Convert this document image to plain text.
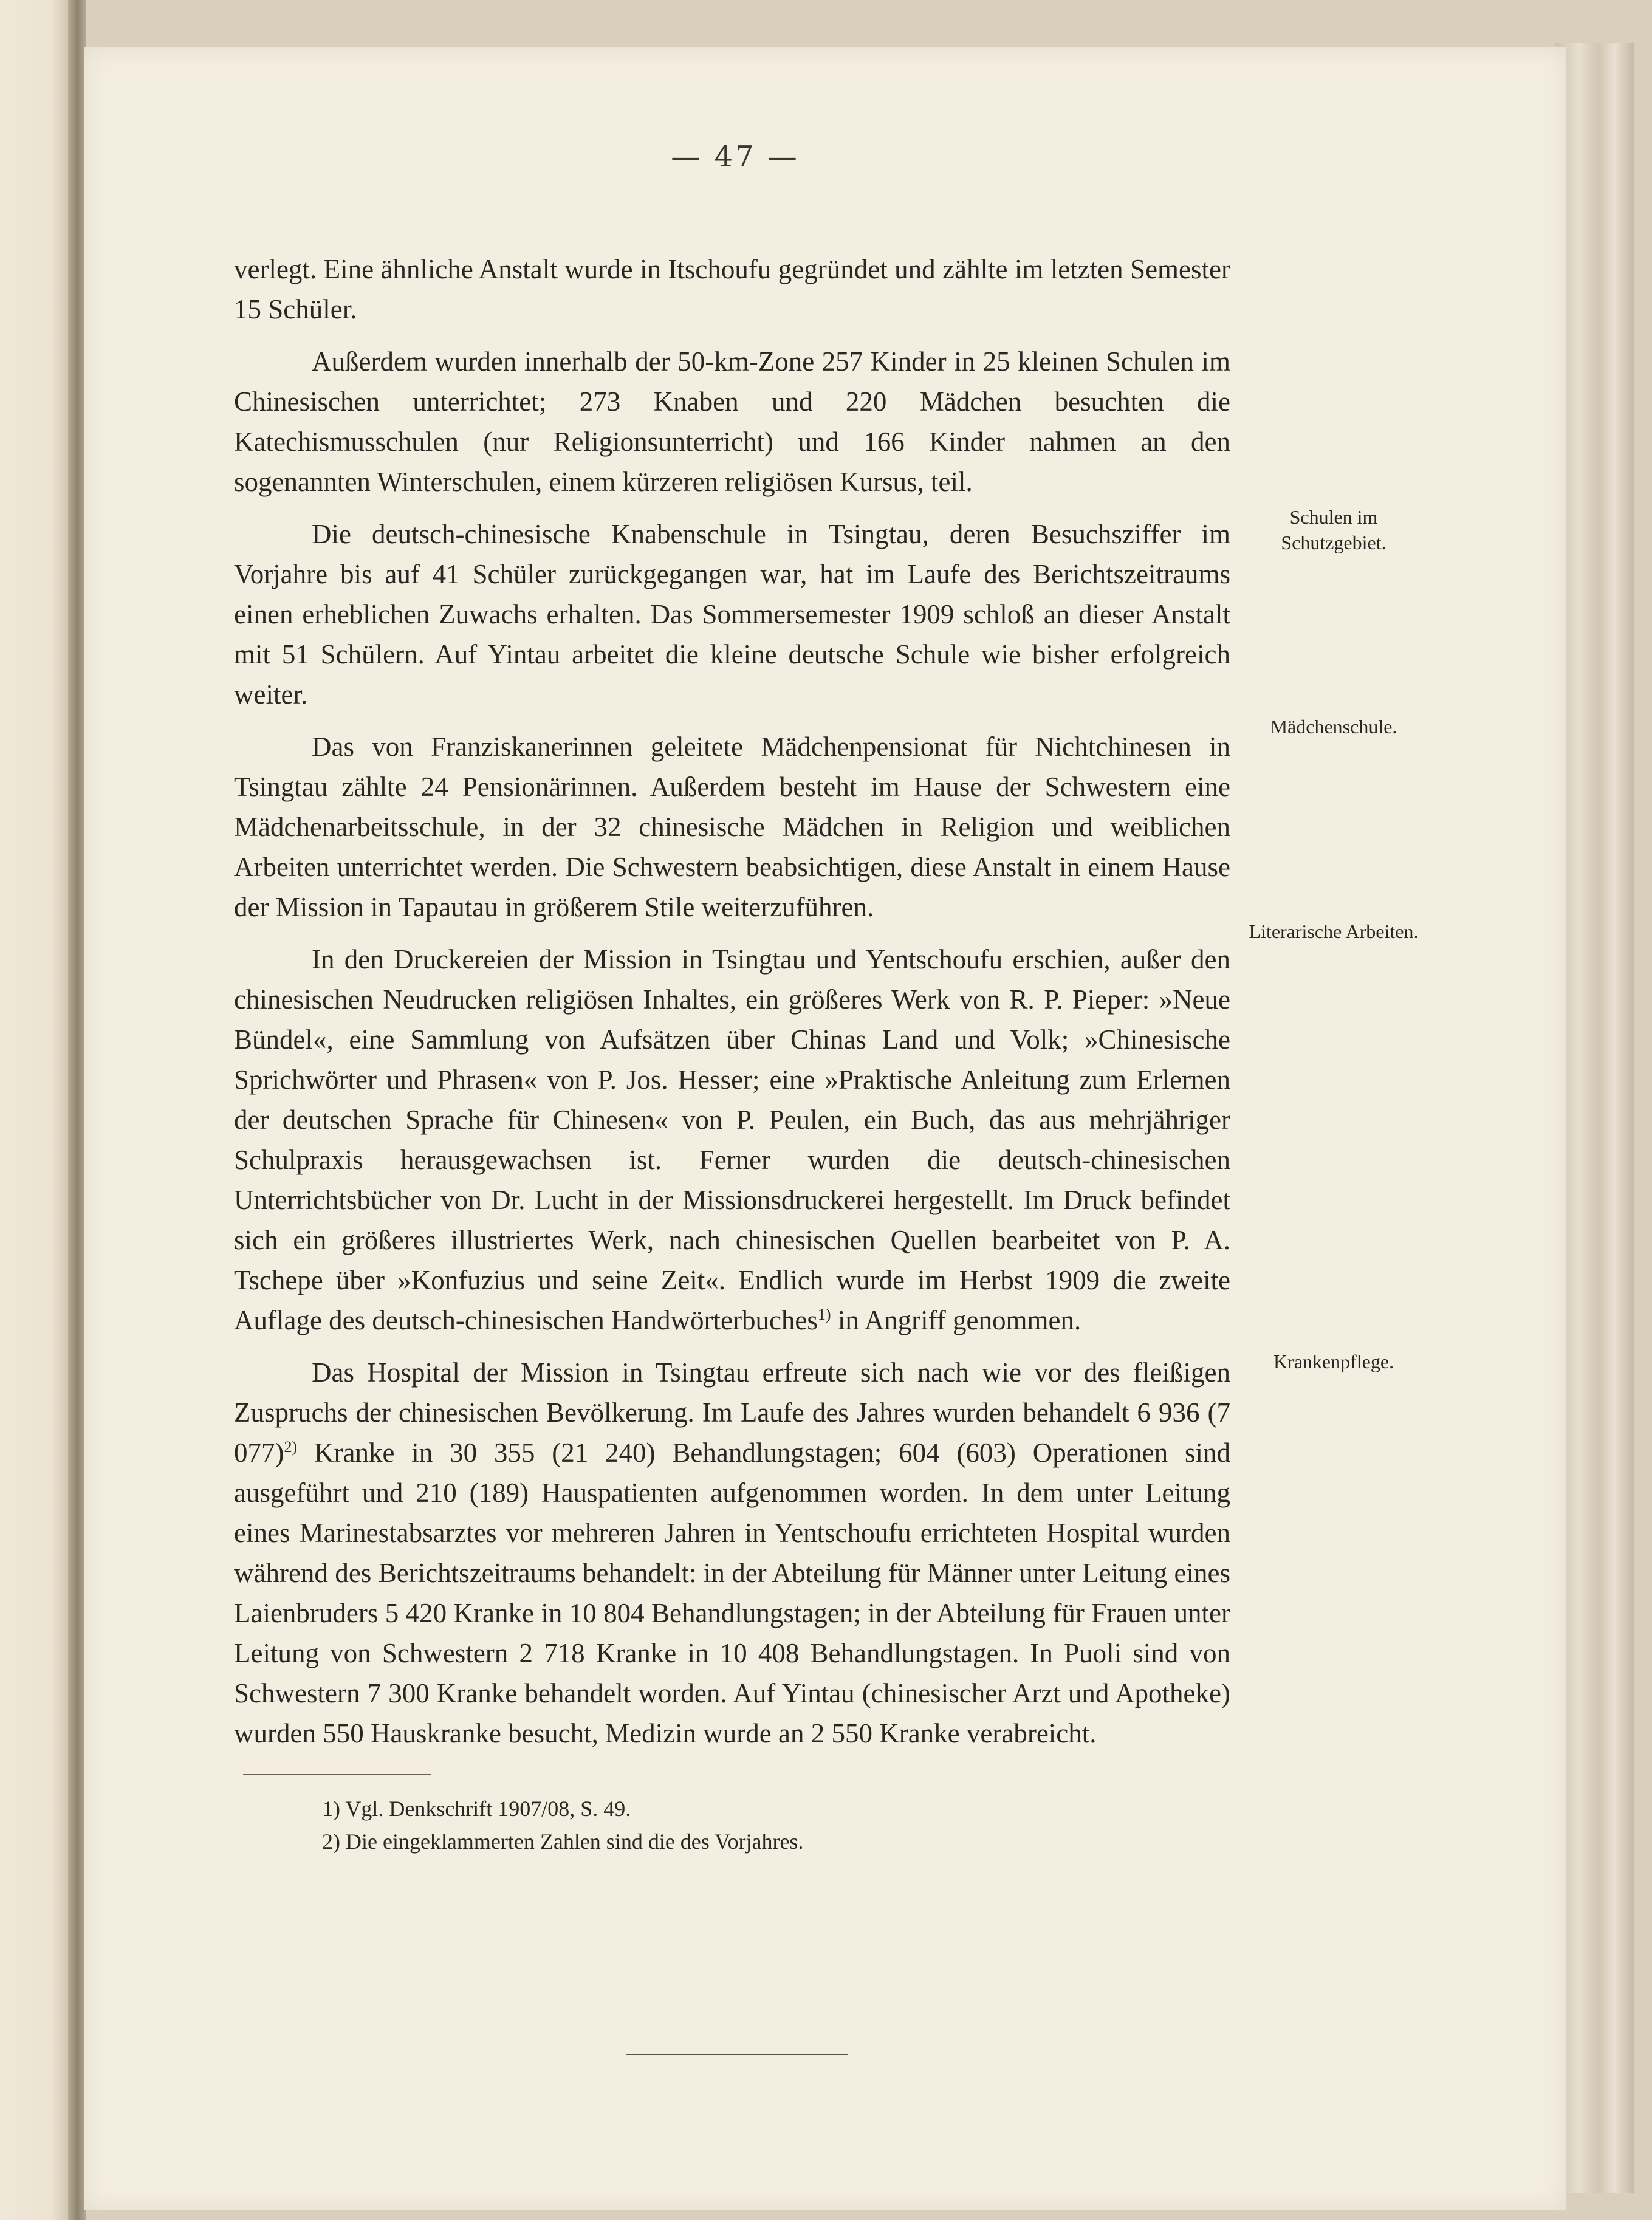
— 47 —

verlegt. Eine ähnliche Anstalt wurde in Itschoufu gegründet und zählte im letzten Semester 15 Schüler.

Außerdem wurden innerhalb der 50-km-Zone 257 Kinder in 25 kleinen Schulen im Chinesischen unterrichtet; 273 Knaben und 220 Mädchen besuchten die Katechismusschulen (nur Religionsunterricht) und 166 Kinder nahmen an den sogenannten Winterschulen, einem kürzeren religiösen Kursus, teil.

Die deutsch-chinesische Knabenschule in Tsingtau, deren Besuchsziffer im Vorjahre bis auf 41 Schüler zurückgegangen war, hat im Laufe des Berichtszeitraums einen erheblichen Zuwachs erhalten. Das Sommersemester 1909 schloß an dieser Anstalt mit 51 Schülern. Auf Yintau arbeitet die kleine deutsche Schule wie bisher erfolgreich weiter.

Das von Franziskanerinnen geleitete Mädchenpensionat für Nichtchinesen in Tsingtau zählte 24 Pensionärinnen. Außerdem besteht im Hause der Schwestern eine Mädchenarbeitsschule, in der 32 chinesische Mädchen in Religion und weiblichen Arbeiten unterrichtet werden. Die Schwestern beabsichtigen, diese Anstalt in einem Hause der Mission in Tapautau in größerem Stile weiterzuführen.

In den Druckereien der Mission in Tsingtau und Yentschoufu erschien, außer den chinesischen Neudrucken religiösen Inhaltes, ein größeres Werk von R. P. Pieper: »Neue Bündel«, eine Sammlung von Aufsätzen über Chinas Land und Volk; »Chinesische Sprichwörter und Phrasen« von P. Jos. Hesser; eine »Praktische Anleitung zum Erlernen der deutschen Sprache für Chinesen« von P. Peulen, ein Buch, das aus mehrjähriger Schulpraxis herausgewachsen ist. Ferner wurden die deutsch-chinesischen Unterrichtsbücher von Dr. Lucht in der Missionsdruckerei hergestellt. Im Druck befindet sich ein größeres illustriertes Werk, nach chinesischen Quellen bearbeitet von P. A. Tschepe über »Konfuzius und seine Zeit«. Endlich wurde im Herbst 1909 die zweite Auflage des deutsch-chinesischen Handwörterbuches$^{1)}$ in Angriff genommen.

Das Hospital der Mission in Tsingtau erfreute sich nach wie vor des fleißigen Zuspruchs der chinesischen Bevölkerung. Im Laufe des Jahres wurden behandelt 6 936 (7 077)$^{2)}$ Kranke in 30 355 (21 240) Behandlungstagen; 604 (603) Operationen sind ausgeführt und 210 (189) Hauspatienten aufgenommen worden. In dem unter Leitung eines Marinestabsarztes vor mehreren Jahren in Yentschoufu errichteten Hospital wurden während des Berichtszeitraums behandelt: in der Abteilung für Männer unter Leitung eines Laienbruders 5 420 Kranke in 10 804 Behandlungstagen; in der Abteilung für Frauen unter Leitung von Schwestern 2 718 Kranke in 10 408 Behandlungstagen. In Puoli sind von Schwestern 7 300 Kranke behandelt worden. Auf Yintau (chinesischer Arzt und Apotheke) wurden 550 Hauskranke besucht, Medizin wurde an 2 550 Kranke verabreicht.

Schulen im Schutzgebiet.
Mädchenschule.
Literarische Arbeiten.
Krankenpflege.
1) Vgl. Denkschrift 1907/08, S. 49.
2) Die eingeklammerten Zahlen sind die des Vorjahres.
